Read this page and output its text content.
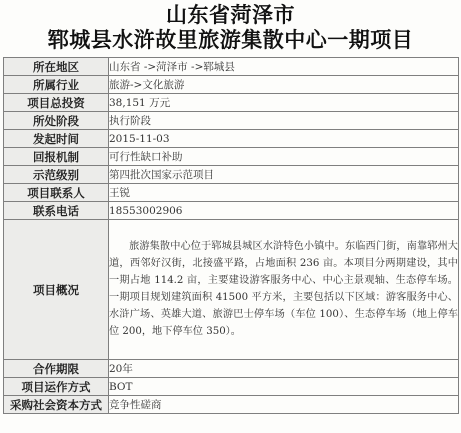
山东省菏泽市
郓城县水浒故里旅游集散中心一期项目
所在地区	山东省 ->菏泽市 ->郓城县
所属行业	旅游->文化旅游
项目总投资	38,151 万元
所处阶段	执行阶段
发起时间	2015-11-03
回报机制	可行性缺口补助
示范级别	第四批次国家示范项目
项目联系人	王锐
联系电话	18553002906
项目概况	旅游集散中心位于郓城县城区水浒特色小镇中。东临西门街，南靠郓州大道，西邻好汉街，北接盛平路，占地面积 236 亩。本项目分两期建设，其中一期占地 114.2 亩，主要建设游客服务中心、中心主景观轴、生态停车场。一期项目规划建筑面积 41500 平方米，主要包括以下区域：游客服务中心、水浒广场、英雄大道、旅游巴士停车场（车位 100）、生态停车场（地上停车位 200，地下停车位 350）。
合作期限	20年
项目运作方式	BOT
采购社会资本方式	竞争性磋商
